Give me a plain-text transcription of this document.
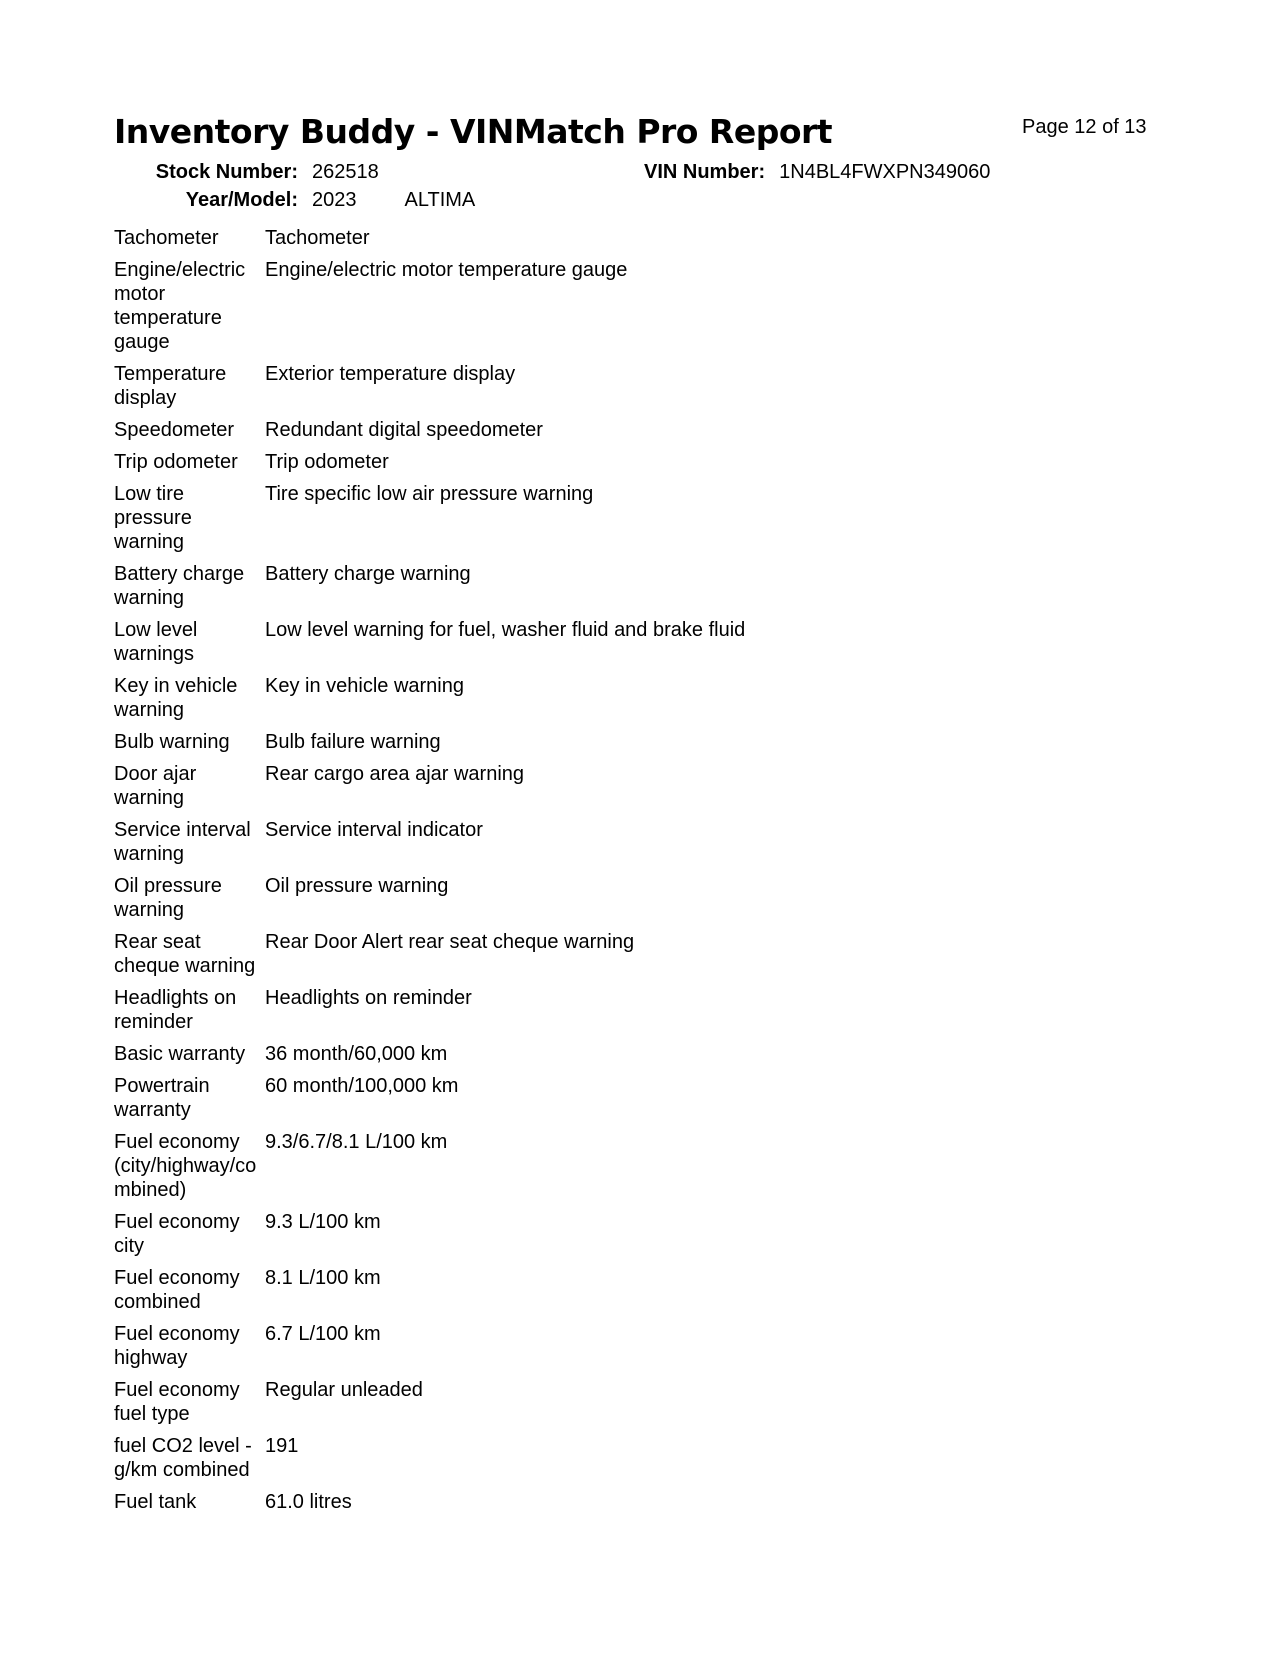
Inventory Buddy - VINMatch Pro Report	Page 12 of 13
Stock Number: 262518	VIN Number: 1N4BL4FWXPN349060
Year/Model: 2023 ALTIMA
Tachometer	Tachometer
Engine/electric motor temperature gauge	Engine/electric motor temperature gauge
Temperature display	Exterior temperature display
Speedometer	Redundant digital speedometer
Trip odometer	Trip odometer
Low tire pressure warning	Tire specific low air pressure warning
Battery charge warning	Battery charge warning
Low level warnings	Low level warning for fuel, washer fluid and brake fluid
Key in vehicle warning	Key in vehicle warning
Bulb warning	Bulb failure warning
Door ajar warning	Rear cargo area ajar warning
Service interval warning	Service interval indicator
Oil pressure warning	Oil pressure warning
Rear seat cheque warning	Rear Door Alert rear seat cheque warning
Headlights on reminder	Headlights on reminder
Basic warranty	36 month/60,000 km
Powertrain warranty	60 month/100,000 km
Fuel economy (city/highway/combined)	9.3/6.7/8.1 L/100 km
Fuel economy city	9.3 L/100 km
Fuel economy combined	8.1 L/100 km
Fuel economy highway	6.7 L/100 km
Fuel economy fuel type	Regular unleaded
fuel CO2 level - g/km combined	191
Fuel tank	61.0 litres
